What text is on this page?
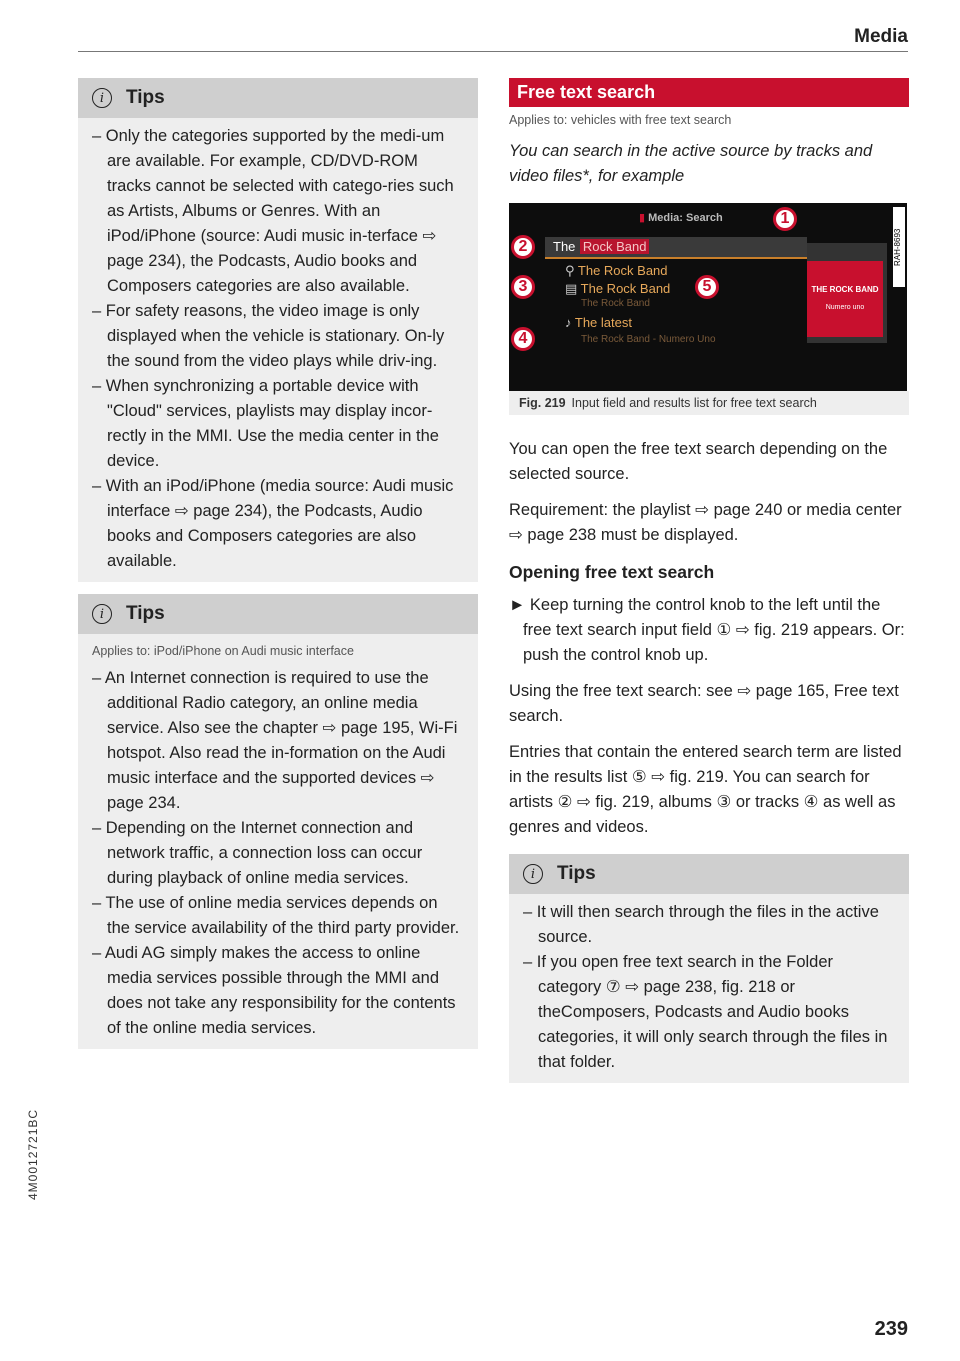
Media
i	Tips
– Only the categories supported by the medi-um are available. For example, CD/DVD-ROM tracks cannot be selected with catego-ries such as Artists, Albums or Genres. With an iPod/iPhone (source: Audi music in-terface ⇨ page 234), the Podcasts, Audio books and Composers categories are also available.
– For safety reasons, the video image is only displayed when the vehicle is stationary. On-ly the sound from the video plays while driv-ing.
– When synchronizing a portable device with "Cloud" services, playlists may display incor-rectly in the MMI. Use the media center in the device.
– With an iPod/iPhone (media source: Audi music interface ⇨ page 234), the Podcasts, Audio books and Composers categories are also available.
i	Tips
Applies to: iPod/iPhone on Audi music interface
– An Internet connection is required to use the additional Radio category, an online media service. Also see the chapter ⇨ page 195, Wi-Fi hotspot. Also read the in-formation on the Audi music interface and the supported devices ⇨ page 234.
– Depending on the Internet connection and network traffic, a connection loss can occur during playback of online media services.
– The use of online media services depends on the service availability of the third party provider.
– Audi AG simply makes the access to online media services possible through the MMI and does not take any responsibility for the contents of the online media services.
Free text search
Applies to: vehicles with free text search

You can search in the active source by tracks and video files*, for example

▮ Media: Search
The Rock Band
⚲ The Rock Band
▤ The Rock Band
The Rock Band
♪ The latest
The Rock Band - Numero Uno
THE ROCK BAND
Numero uno
RAH-8693
1
2
3
4
5
Fig. 219 Input field and results list for free text search

You can open the free text search depending on the selected source.

Requirement: the playlist ⇨ page 240 or media center ⇨ page 238 must be displayed.

Opening free text search

► Keep turning the control knob to the left until the free text search input field ① ⇨ fig. 219 appears. Or: push the control knob up.

Using the free text search: see ⇨ page 165, Free text search.

Entries that contain the entered search term are listed in the results list ⑤ ⇨ fig. 219. You can search for artists ② ⇨ fig. 219, albums ③ or tracks ④ as well as genres and videos.

i	Tips
– It will then search through the files in the active source.
– If you open free text search in the Folder category ⑦ ⇨ page 238, fig. 218 or theComposers, Podcasts and Audio books categories, it will only search through the files in that folder.
4M0012721BC
239
